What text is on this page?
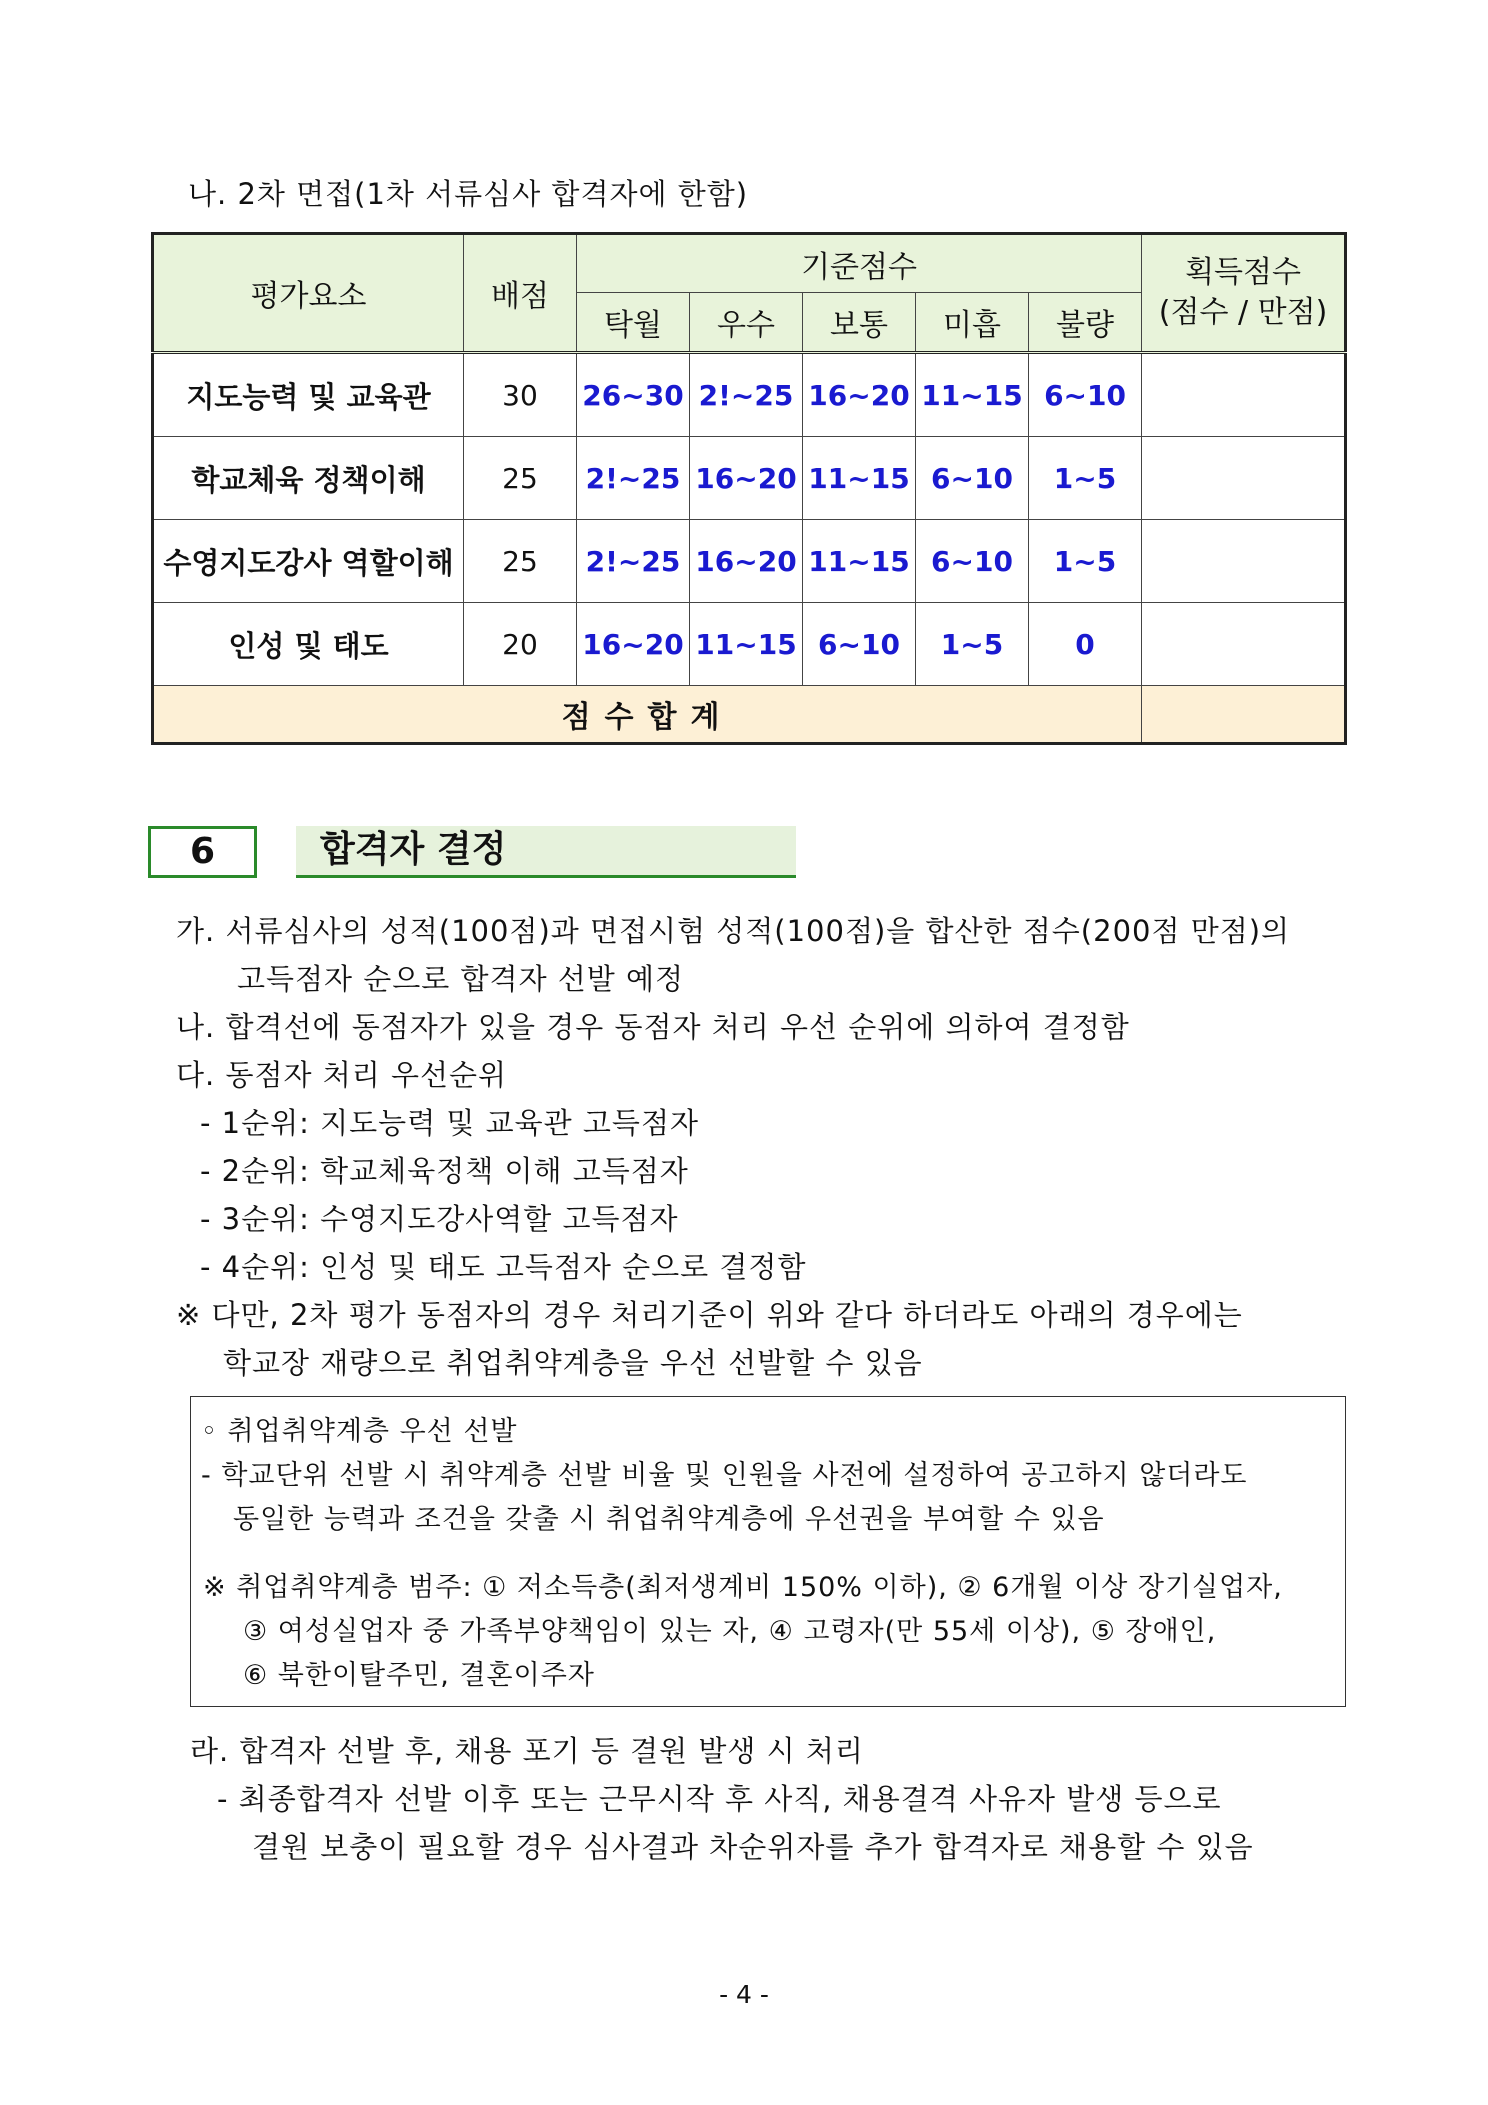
나. 2차 면접(1차 서류심사 합격자에 한함)
평가요소	배점	기준점수					획득점수
(점수 / 만점)
		탁월	우수	보통	미흡	불량	
지도능력 및 교육관	30	26~30	2!~25	16~20	11~15	6~10	
학교체육 정책이해	25	2!~25	16~20	11~15	6~10	1~5	
수영지도강사 역할이해	25	2!~25	16~20	11~15	6~10	1~5	
인성 및 태도	20	16~20	11~15	6~10	1~5	0	
점수합계							
6	합격자 결정
가. 서류심사의 성적(100점)과 면접시험 성적(100점)을 합산한 점수(200점 만점)의
고득점자 순으로 합격자 선발 예정
나. 합격선에 동점자가 있을 경우 동점자 처리 우선 순위에 의하여 결정함
다. 동점자 처리 우선순위
- 1순위: 지도능력 및 교육관 고득점자
- 2순위: 학교체육정책 이해 고득점자
- 3순위: 수영지도강사역할 고득점자
- 4순위: 인성 및 태도 고득점자 순으로 결정함
※ 다만, 2차 평가 동점자의 경우 처리기준이 위와 같다 하더라도 아래의 경우에는
학교장 재량으로 취업취약계층을 우선 선발할 수 있음
◦ 취업취약계층 우선 선발
- 학교단위 선발 시 취약계층 선발 비율 및 인원을 사전에 설정하여 공고하지 않더라도
동일한 능력과 조건을 갖출 시 취업취약계층에 우선권을 부여할 수 있음
※ 취업취약계층 범주: ① 저소득층(최저생계비 150% 이하), ② 6개월 이상 장기실업자,
③ 여성실업자 중 가족부양책임이 있는 자, ④ 고령자(만 55세 이상), ⑤ 장애인,
⑥ 북한이탈주민, 결혼이주자
라. 합격자 선발 후, 채용 포기 등 결원 발생 시 처리
- 최종합격자 선발 이후 또는 근무시작 후 사직, 채용결격 사유자 발생 등으로
결원 보충이 필요할 경우 심사결과 차순위자를 추가 합격자로 채용할 수 있음
- 4 -
